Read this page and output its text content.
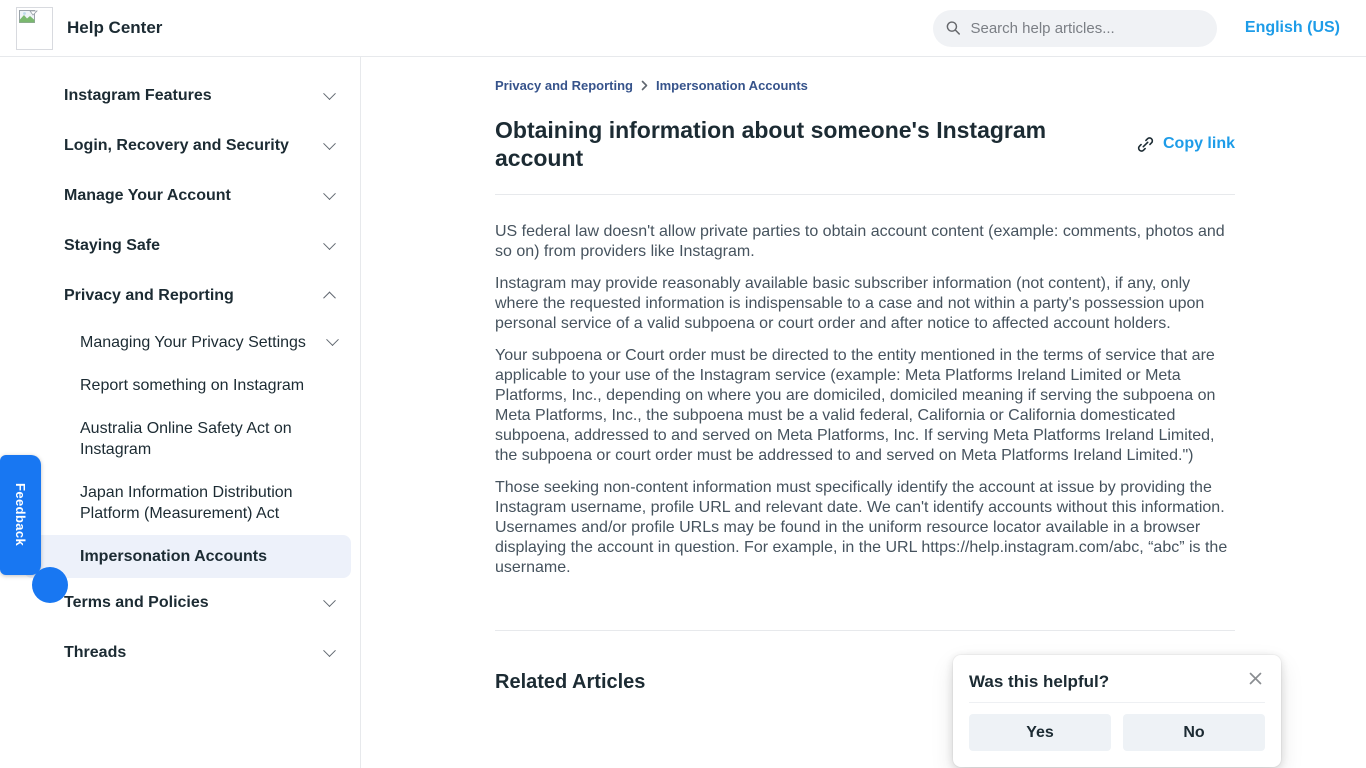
Help Center
Search help articles...	English (US)
Instagram Features
Login, Recovery and Security
Manage Your Account
Staying Safe
Privacy and Reporting
Managing Your Privacy Settings
Report something on Instagram
Australia Online Safety Act on Instagram
Japan Information Distribution Platform (Measurement) Act
Impersonation Accounts
Terms and Policies
Threads
Feedback
Privacy and Reporting Impersonation Accounts
Obtaining information about someone's Instagram account
Copy link

US federal law doesn't allow private parties to obtain account content (example: comments, photos and so on) from providers like Instagram.

Instagram may provide reasonably available basic subscriber information (not content), if any, only where the requested information is indispensable to a case and not within a party's possession upon personal service of a valid subpoena or court order and after notice to affected account holders.

Your subpoena or Court order must be directed to the entity mentioned in the terms of service that are applicable to your use of the Instagram service (example: Meta Platforms Ireland Limited or Meta Platforms, Inc., depending on where you are domiciled, domiciled meaning if serving the subpoena on Meta Platforms, Inc., the subpoena must be a valid federal, California or California domesticated subpoena, addressed to and served on Meta Platforms, Inc. If serving Meta Platforms Ireland Limited, the subpoena or court order must be addressed to and served on Meta Platforms Ireland Limited.")

Those seeking non-content information must specifically identify the account at issue by providing the Instagram username, profile URL and relevant date. We can't identify accounts without this information. Usernames and/or profile URLs may be found in the uniform resource locator available in a browser displaying the account in question. For example, in the URL https://help.instagram.com/abc, “abc” is the username.

Related Articles	Was this helpful?
Yes	No
